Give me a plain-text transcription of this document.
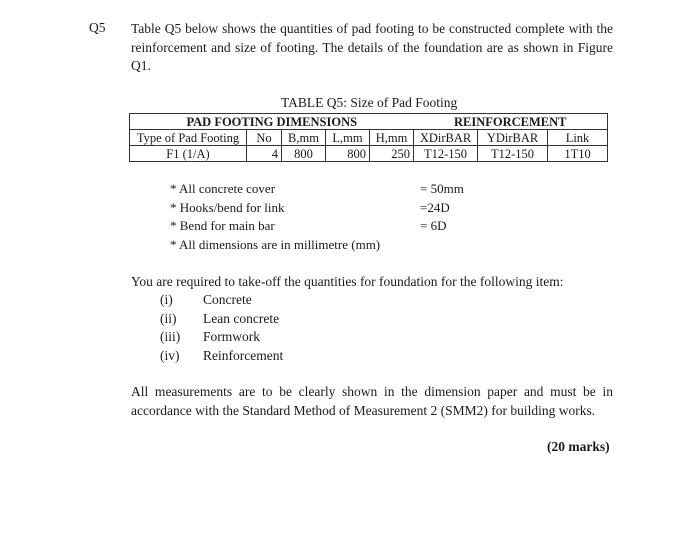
Q5 Table Q5 below shows the quantities of pad footing to be constructed complete with the reinforcement and size of footing. The details of the foundation are as shown in Figure Q1.
TABLE Q5: Size of Pad Footing
PAD FOOTING DIMENSIONS					REINFORCEMENT		
Type of Pad Footing	No	B,mm	L,mm	H,mm	XDirBAR	YDirBAR	Link
F1 (1/A)	4	800	800	250	T12-150	T12-150	1T10
* All concrete cover	= 50mm
* Hooks/bend for link	=24D
* Bend for main bar	= 6D
* All dimensions are in millimetre (mm)
You are required to take-off the quantities for foundation for the following item:
(i) Concrete
(ii) Lean concrete
(iii) Formwork
(iv) Reinforcement
All measurements are to be clearly shown in the dimension paper and must be in accordance with the Standard Method of Measurement 2 (SMM2) for building works.
(20 marks)
